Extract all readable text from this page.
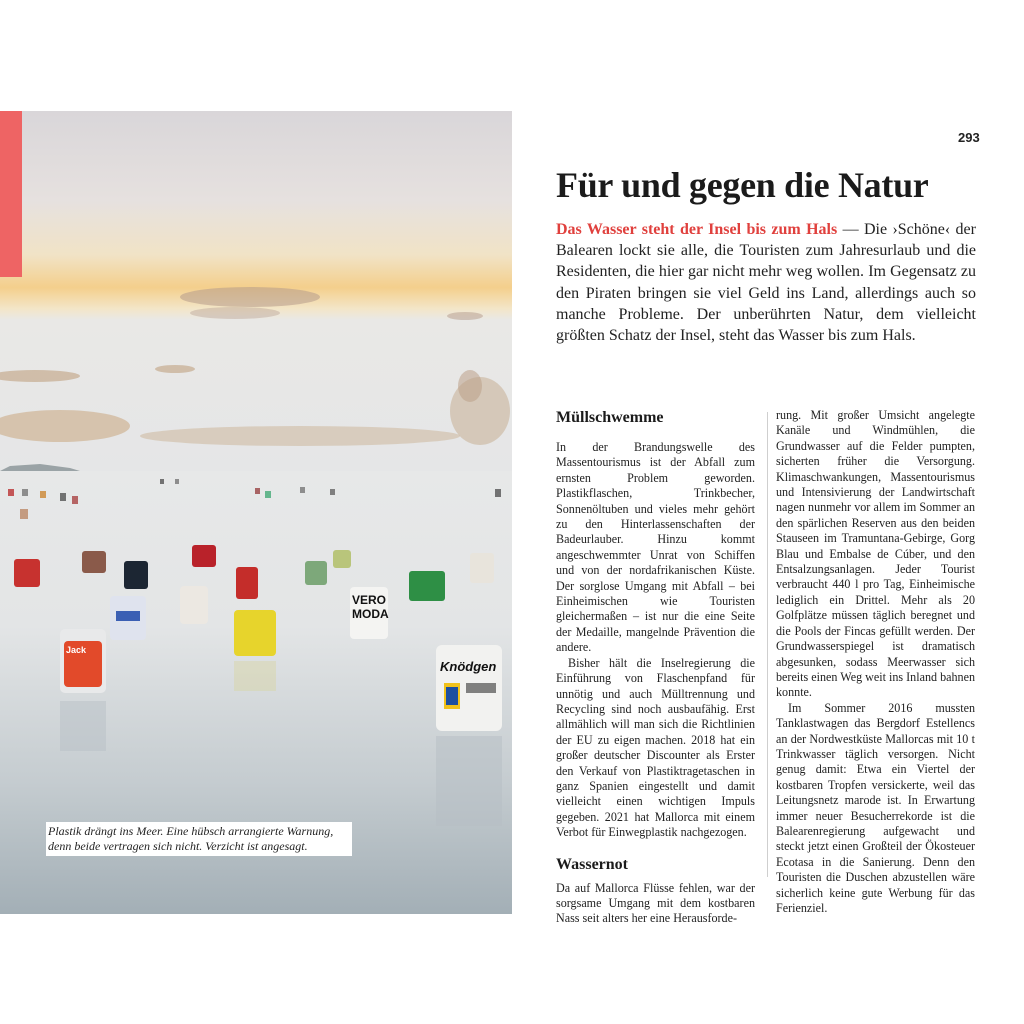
VERO
MODA
Jack
Knödgen
Plastik drängt ins Meer. Eine hübsch arrangierte Warnung, denn beide vertragen sich nicht. Verzicht ist angesagt.
293
Für und gegen die Natur

Das Wasser steht der Insel bis zum Hals — Die ›Schöne‹ der Balearen lockt sie alle, die Touristen zum Jahresurlaub und die Residenten, die hier gar nicht mehr weg wollen. Im Gegensatz zu den Piraten bringen sie viel Geld ins Land, allerdings auch so manche Probleme. Der unberührten Natur, dem vielleicht größten Schatz der Insel, steht das Wasser bis zum Hals.

Müllschwemme

In der Brandungswelle des Massentourismus ist der Abfall zum ernsten Problem geworden. Plastikflaschen, Trinkbecher, Sonnenöltuben und vieles mehr gehört zu den Hinterlassenschaften der Badeurlauber. Hinzu kommt angeschwemmter Unrat von Schiffen und von der nordafrikanischen Küste. Der sorglose Umgang mit Abfall – bei Einheimischen wie Touristen gleichermaßen – ist nur die eine Seite der Medaille, mangelnde Prävention die andere.

Bisher hält die Inselregierung die Einführung von Flaschenpfand für unnötig und auch Mülltrennung und Recycling sind noch ausbaufähig. Erst allmählich will man sich die Richtlinien der EU zu eigen machen. 2018 hat ein großer deutscher Discounter als Erster den Verkauf von Plastiktragetaschen in ganz Spanien eingestellt und damit vielleicht einen wichtigen Impuls gegeben. 2021 hat Mallorca mit einem Verbot für Einwegplastik nachgezogen.

Wassernot

Da auf Mallorca Flüsse fehlen, war der sorgsame Umgang mit dem kostbaren Nass seit alters her eine Herausforde-

rung. Mit großer Umsicht angelegte Kanäle und Windmühlen, die Grundwasser auf die Felder pumpten, sicherten früher die Versorgung. Klimaschwankungen, Massentourismus und Intensivierung der Landwirtschaft nagen nunmehr vor allem im Sommer an den spärlichen Reserven aus den beiden Stauseen im Tramuntana-Gebirge, Gorg Blau und Embalse de Cúber, und den Entsalzungsanlagen. Jeder Tourist verbraucht 440 l pro Tag, Einheimische lediglich ein Drittel. Mehr als 20 Golfplätze müssen täglich beregnet und die Pools der Fincas gefüllt werden. Der Grundwasserspiegel ist dramatisch abgesunken, sodass Meerwasser sich bereits einen Weg weit ins Inland bahnen konnte.

Im Sommer 2016 mussten Tanklastwagen das Bergdorf Estellencs an der Nordwestküste Mallorcas mit 10 t Trinkwasser täglich versorgen. Nicht genug damit: Etwa ein Viertel der kostbaren Tropfen versickerte, weil das Leitungsnetz marode ist. In Erwartung immer neuer Besucherrekorde ist die Balearenregierung aufgewacht und steckt jetzt einen Großteil der Ökosteuer Ecotasa in die Sanierung. Denn den Touristen die Duschen abzustellen wäre sicherlich keine gute Werbung für das Ferienziel.
